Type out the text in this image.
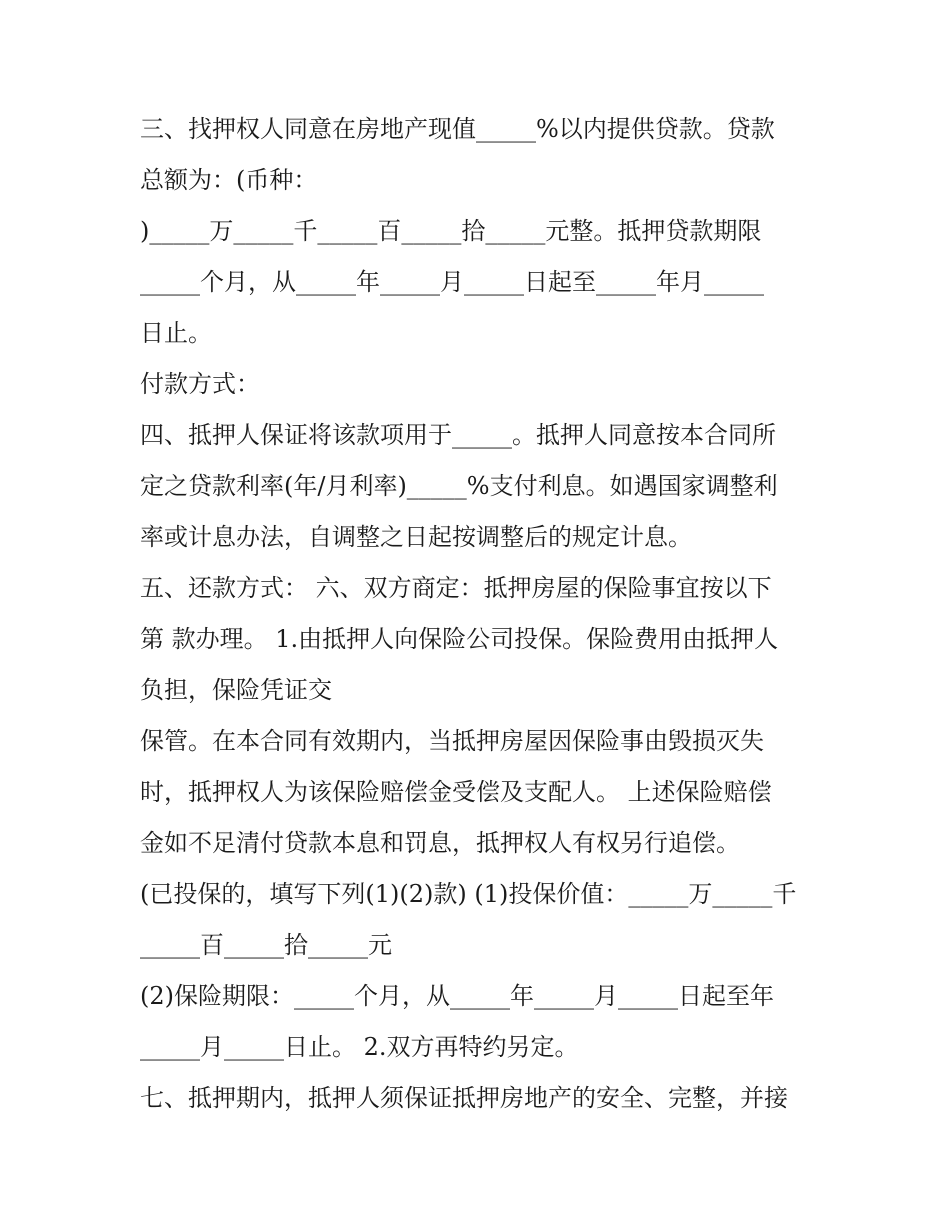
三、找押权人同意在房地产现值_____%以内提供贷款。贷款

总额为：(币种：

)_____万_____千_____百_____拾_____元整。抵押贷款期限

_____个月，从_____年_____月_____日起至_____年月_____

日止。

付款方式：

四、抵押人保证将该款项用于_____。抵押人同意按本合同所

定之贷款利率(年/月利率)_____%支付利息。如遇国家调整利

率或计息办法，自调整之日起按调整后的规定计息。

五、还款方式： 六、双方商定：抵押房屋的保险事宜按以下

第 款办理。 1.由抵押人向保险公司投保。保险费用由抵押人

负担，保险凭证交

保管。在本合同有效期内，当抵押房屋因保险事由毁损灭失

时，抵押权人为该保险赔偿金受偿及支配人。 上述保险赔偿

金如不足清付贷款本息和罚息，抵押权人有权另行追偿。

(已投保的，填写下列(1)(2)款) (1)投保价值：_____万_____千

_____百_____拾_____元

(2)保险期限：_____个月，从_____年_____月_____日起至年

_____月_____日止。 2.双方再特约另定。

七、抵押期内，抵押人须保证抵押房地产的安全、完整，并接
